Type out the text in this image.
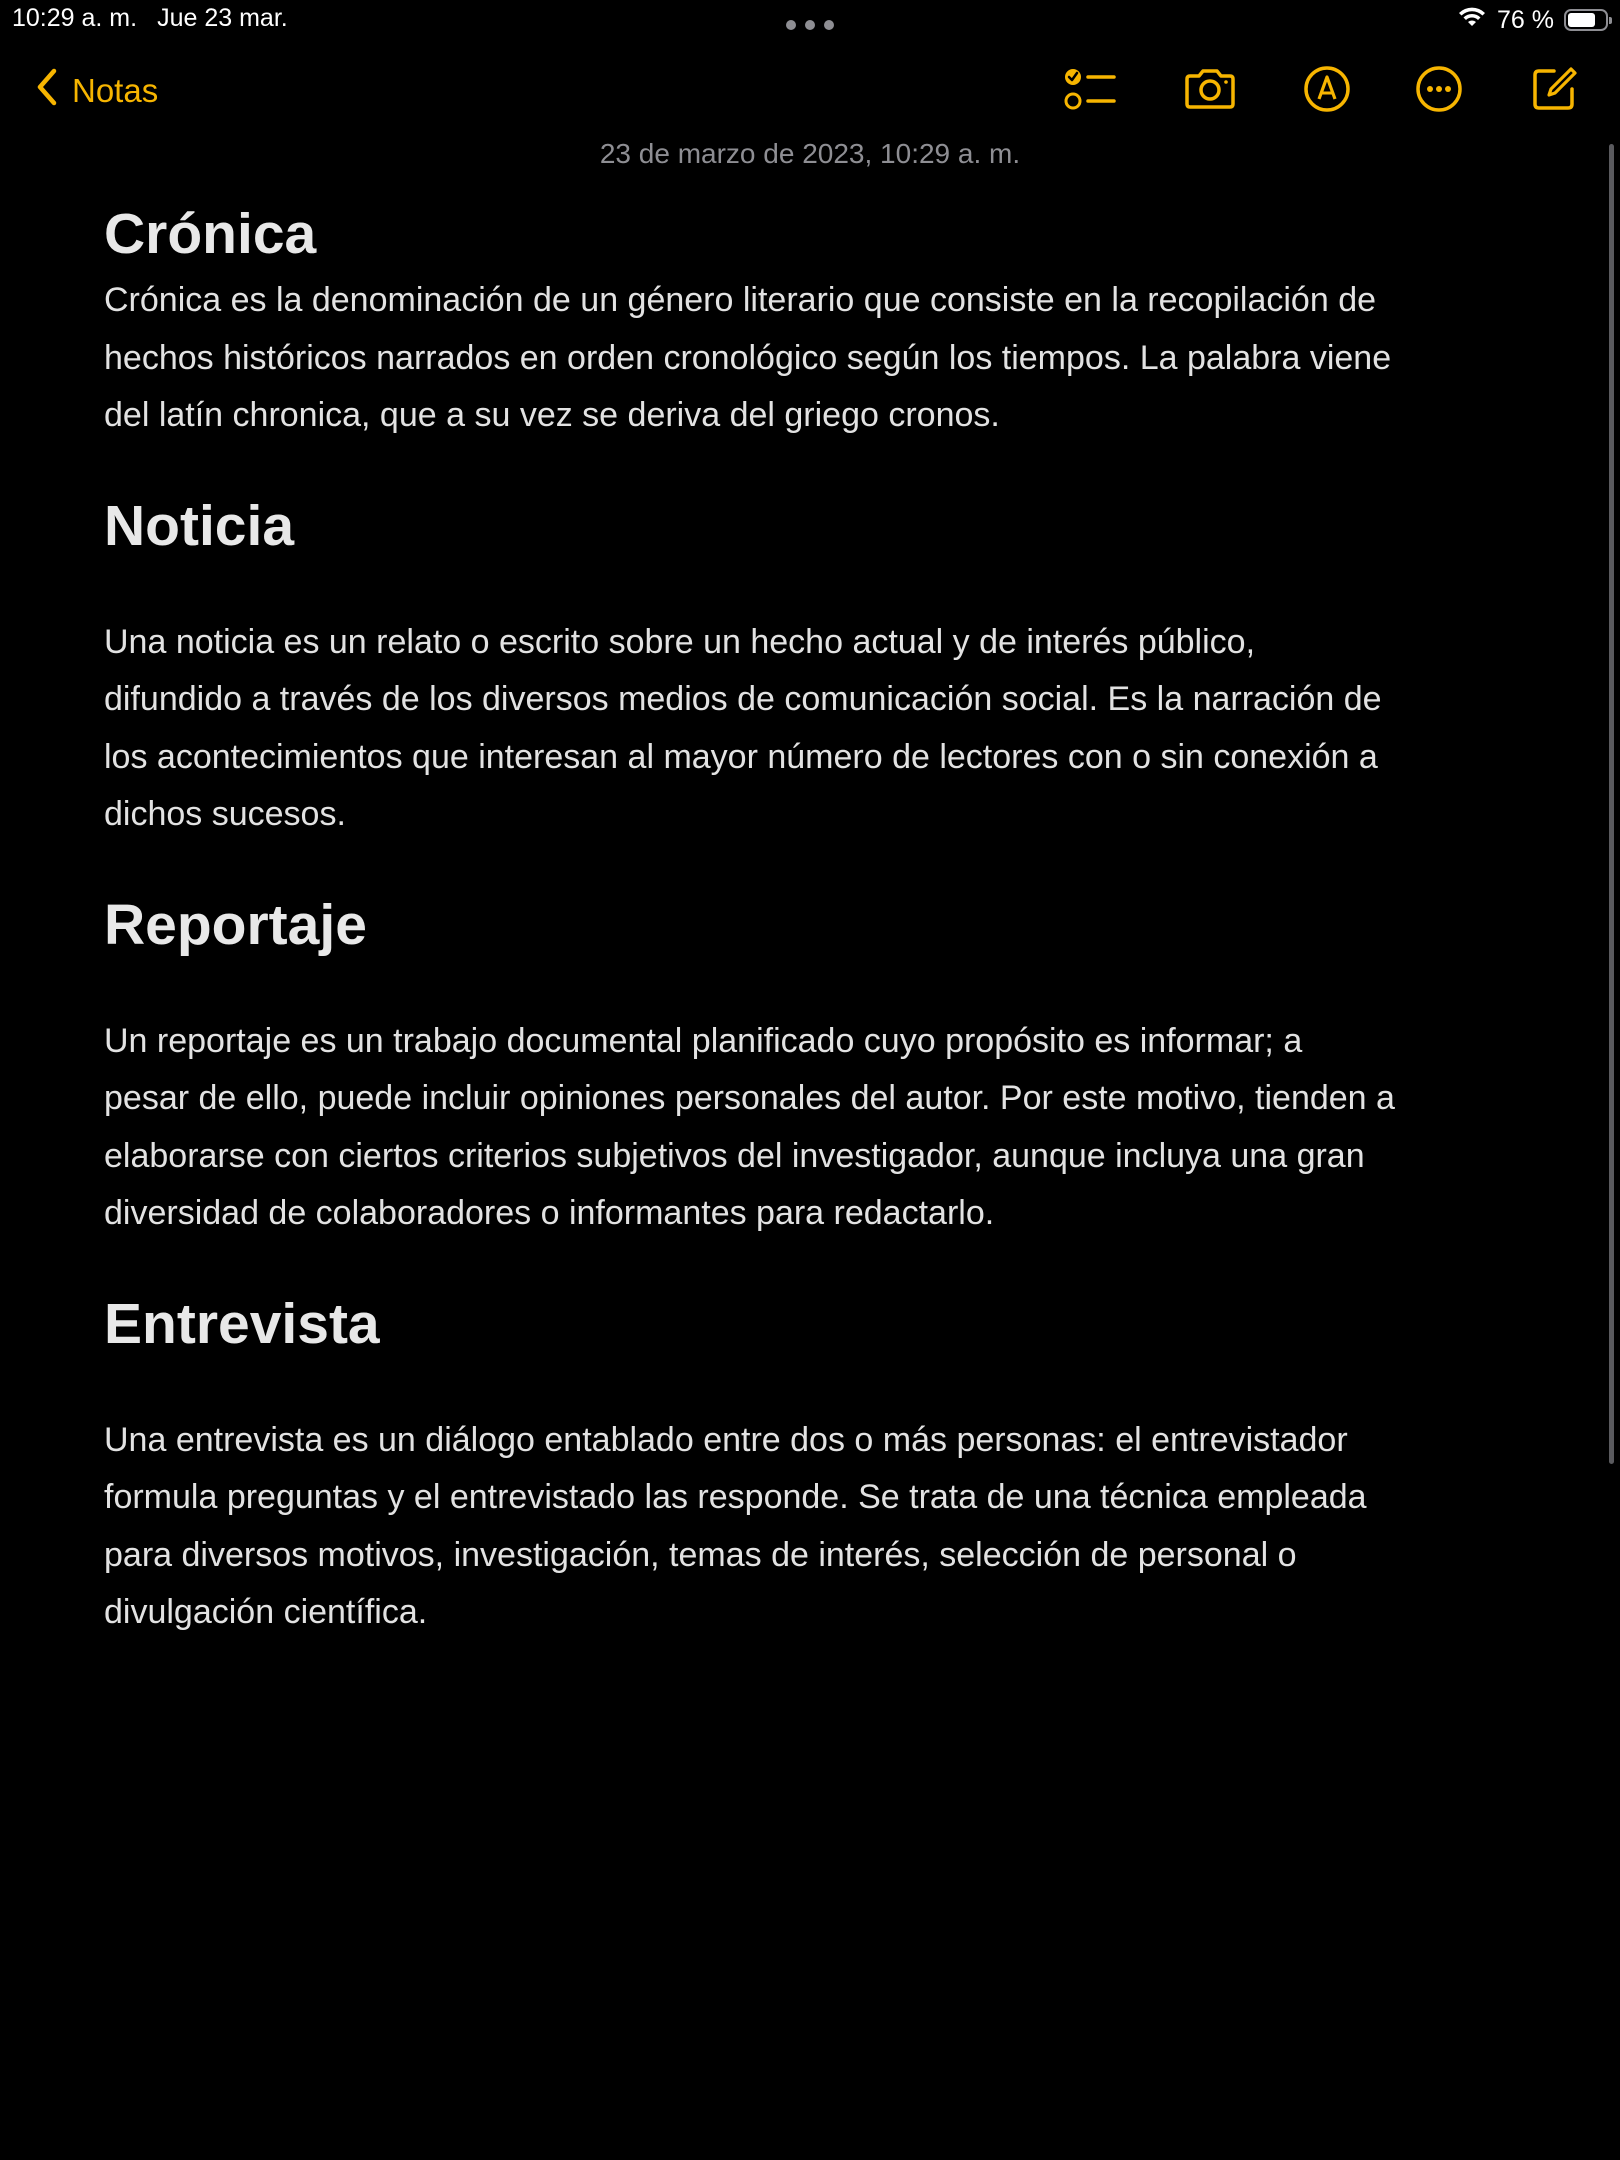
10:29 a. m. Jue 23 mar.	76 %
Notas
23 de marzo de 2023, 10:29 a. m.
Crónica
Crónica es la denominación de un género literario que consiste en la recopilación de
hechos históricos narrados en orden cronológico según los tiempos. La palabra viene
del latín chronica, que a su vez se deriva del griego cronos.
Noticia
Una noticia es un relato o escrito sobre un hecho actual y de interés público,
difundido a través de los diversos medios de comunicación social. Es la narración de
los acontecimientos que interesan al mayor número de lectores con o sin conexión a
dichos sucesos.
Reportaje
Un reportaje es un trabajo documental planificado cuyo propósito es informar; a
pesar de ello, puede incluir opiniones personales del autor. Por este motivo, tienden a
elaborarse con ciertos criterios subjetivos del investigador, aunque incluya una gran
diversidad de colaboradores o informantes para redactarlo.
Entrevista
Una entrevista es un diálogo entablado entre dos o más personas: el entrevistador
formula preguntas y el entrevistado las responde. Se trata de una técnica empleada
para diversos motivos, investigación, temas de interés, selección de personal o
divulgación científica.
